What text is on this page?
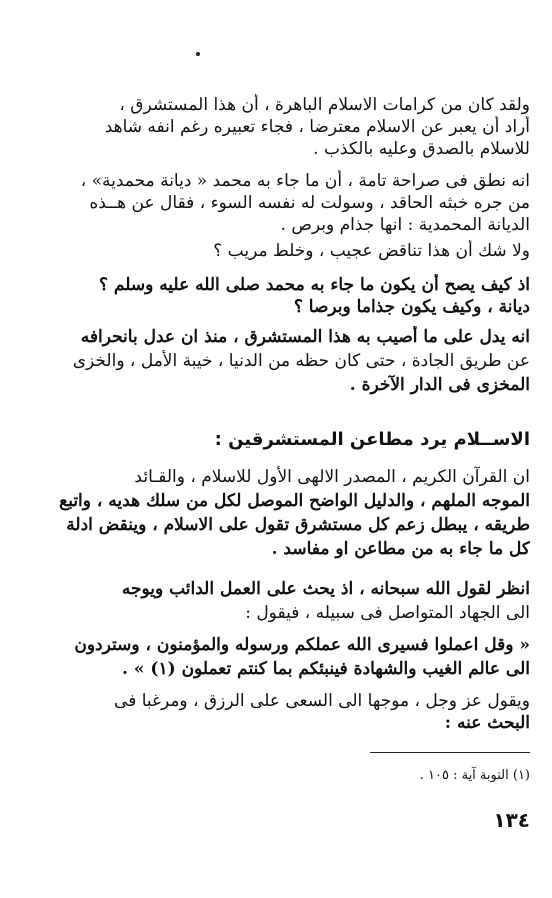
ولقد كان من كرامات الاسلام الباهرة ، أن هذا المستشرق ،
أراد أن يعبر عن الاسلام معترضا ، فجاء تعبيره رغم انفه شاهد
للاسلام بالصدق وعليه بالكذب .
انه نطق فى صراحة تامة ، أن ما جاء به محمد « ديانة محمدية» ،
من جره خبثه الحاقد ، وسولت له نفسه السوء ، فقال عن هــذه
الديانة المحمدية : انها جذام وبرص .
ولا شك أن هذا تناقض عجيب ، وخلط مريب ؟
اذ كيف يصح أن يكون ما جاء به محمد صلى الله عليه وسلم ؟
ديانة ، وكيف يكون جذاما وبرصا ؟
انه يدل على ما أصيب به هذا المستشرق ، منذ ان عدل بانحرافه
عن طريق الجادة ، حتى كان حظه من الدنيا ، خيبة الأمل ، والخزى
المخزى فى الدار الآخرة .
الاســلام يرد مطاعن المستشرقين :
ان القرآن الكريم ، المصدر الالهى الأول للاسلام ، والقـائد
الموجه الملهم ، والدليل الواضح الموصل لكل من سلك هديه ، واتبع
طريقه ، يبطل زعم كل مستشرق تقول على الاسلام ، وينقض ادلة
كل ما جاء به من مطاعن او مفاسد .
انظر لقول الله سبحانه ، اذ يحث على العمل الدائب ويوجه
الى الجهاد المتواصل فى سبيله ، فيقول :
« وقل اعملوا فسيرى الله عملكم ورسوله والمؤمنون ، وستردون
الى عالم الغيب والشهادة فينبئكم بما كنتم تعملون (١) » .
ويقول عز وجل ، موجها الى السعى على الرزق ، ومرغبا فى
البحث عنه :
(١) التوبة آية : ١٠٥ .
١٣٤
